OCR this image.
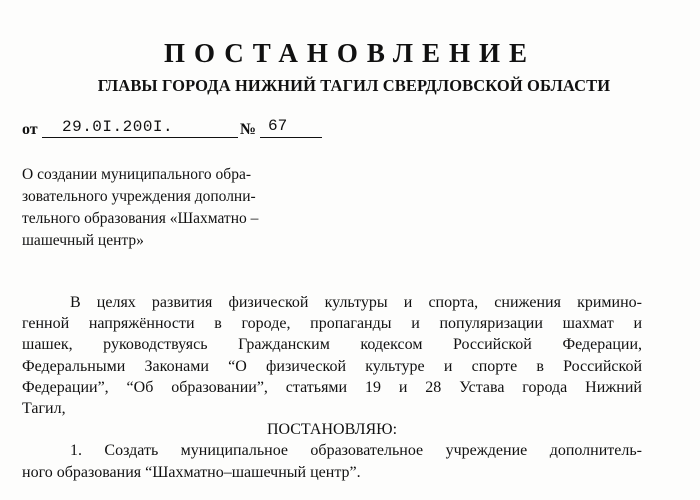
ПОСТАНОВЛЕНИЕ
ГЛАВЫ ГОРОДА НИЖНИЙ ТАГИЛ СВЕРДЛОВСКОЙ ОБЛАСТИ
от 29.0I.200I.	№ 67
О создании муниципального обра-
зовательного учреждения дополни-
тельного образования «Шахматно –
шашечный центр»
В целях развития физической культуры и спорта, снижения кримино-
генной напряжённости в городе, пропаганды и популяризации шахмат и
шашек, руководствуясь Гражданским кодексом Российской Федерации,
Федеральными Законами “О физической культуре и спорте в Российской
Федерации”, “Об образовании”, статьями 19 и 28 Устава города Нижний
Тагил,
ПОСТАНОВЛЯЮ:
1. Создать муниципальное образовательное учреждение дополнитель-
ного образования “Шахматно–шашечный центр”.
